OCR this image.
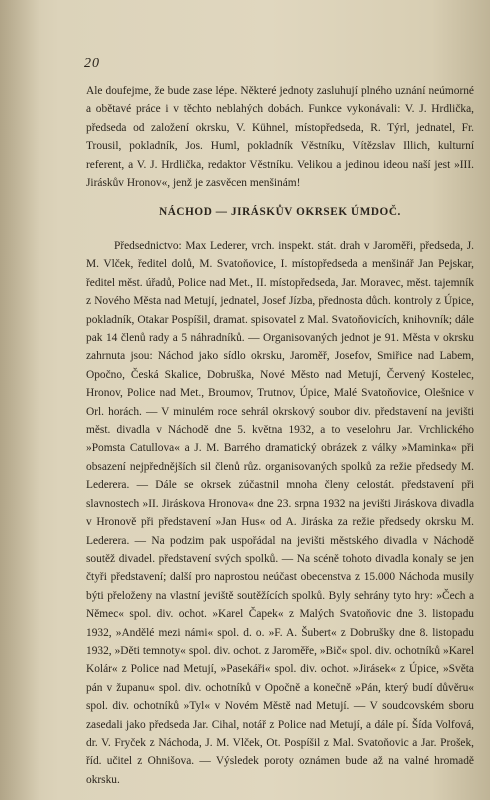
20

Ale doufejme, že bude zase lépe. Některé jednoty zasluhují plného uznání neúmorné a obětavé práce i v těchto neblahých dobách. Funkce vykonávali: V. J. Hrdlička, předseda od založení okrsku, V. Kühnel, místopředseda, R. Týrl, jednatel, Fr. Trousil, pokladník, Jos. Huml, pokladník Věstníku, Vítězslav Illich, kulturní referent, a V. J. Hrdlička, redaktor Věstníku. Velikou a jedinou ideou naší jest »III. Jiráskův Hronov«, jenž je zasvěcen menšinám!

NÁCHOD — JIRÁSKŮV OKRSEK ÚMDOČ.

Předsednictvo: Max Lederer, vrch. inspekt. stát. drah v Jaroměři, předseda, J. M. Vlček, ředitel dolů, M. Svatoňovice, I. místopředseda a menšinář Jan Pejskar, ředitel měst. úřadů, Police nad Met., II. místopředseda, Jar. Moravec, měst. tajemník z Nového Města nad Metují, jednatel, Josef Jízba, přednosta důch. kontroly z Úpice, pokladník, Otakar Pospíšil, dramat. spisovatel z Mal. Svatoňovicích, knihovník; dále pak 14 členů rady a 5 náhradníků. — Organisovaných jednot je 91. Města v okrsku zahrnuta jsou: Náchod jako sídlo okrsku, Jaroměř, Josefov, Smiřice nad Labem, Opočno, Česká Skalice, Dobruška, Nové Město nad Metují, Červený Kostelec, Hronov, Police nad Met., Broumov, Trutnov, Úpice, Malé Svatoňovice, Olešnice v Orl. horách. — V minulém roce sehrál okrskový soubor div. představení na jevišti měst. divadla v Náchodě dne 5. května 1932, a to veselohru Jar. Vrchlického »Pomsta Catullova« a J. M. Barrého dramatický obrázek z války »Maminka« při obsazení nejpřednějších sil členů růz. organisovaných spolků za režie předsedy M. Lederera. — Dále se okrsek zúčastnil mnoha členy celostát. představení při slavnostech »II. Jiráskova Hronova« dne 23. srpna 1932 na jevišti Jiráskova divadla v Hronově při představení »Jan Hus« od A. Jiráska za režie předsedy okrsku M. Lederera. — Na podzim pak uspořádal na jevišti městského divadla v Náchodě soutěž divadel. představení svých spolků. — Na scéně tohoto divadla konaly se jen čtyři představení; další pro naprostou neúčast obecenstva z 15.000 Náchoda musily býti přeloženy na vlastní jeviště soutěžících spolků. Byly sehrány tyto hry: »Čech a Němec« spol. div. ochot. »Karel Čapek« z Malých Svatoňovic dne 3. listopadu 1932, »Andělé mezi námi« spol. d. o. »F. A. Šubert« z Dobrušky dne 8. listopadu 1932, »Děti temnoty« spol. div. ochot. z Jaroměře, »Bič« spol. div. ochotníků »Karel Kolár« z Police nad Metují, »Pasekáři« spol. div. ochot. »Jirásek« z Úpice, »Světa pán v županu« spol. div. ochotníků v Opočně a konečně »Pán, který budí důvěru« spol. div. ochotníků »Tyl« v Novém Městě nad Metují. — V soudcovském sboru zasedali jako předseda Jar. Cihal, notář z Police nad Metují, a dále pí. Šída Volfová, dr. V. Fryček z Náchoda, J. M. Vlček, Ot. Pospíšil z Mal. Svatoňovic a Jar. Prošek, říd. učitel z Ohnišova. — Výsledek poroty oznámen bude až na valné hromadě okrsku.
